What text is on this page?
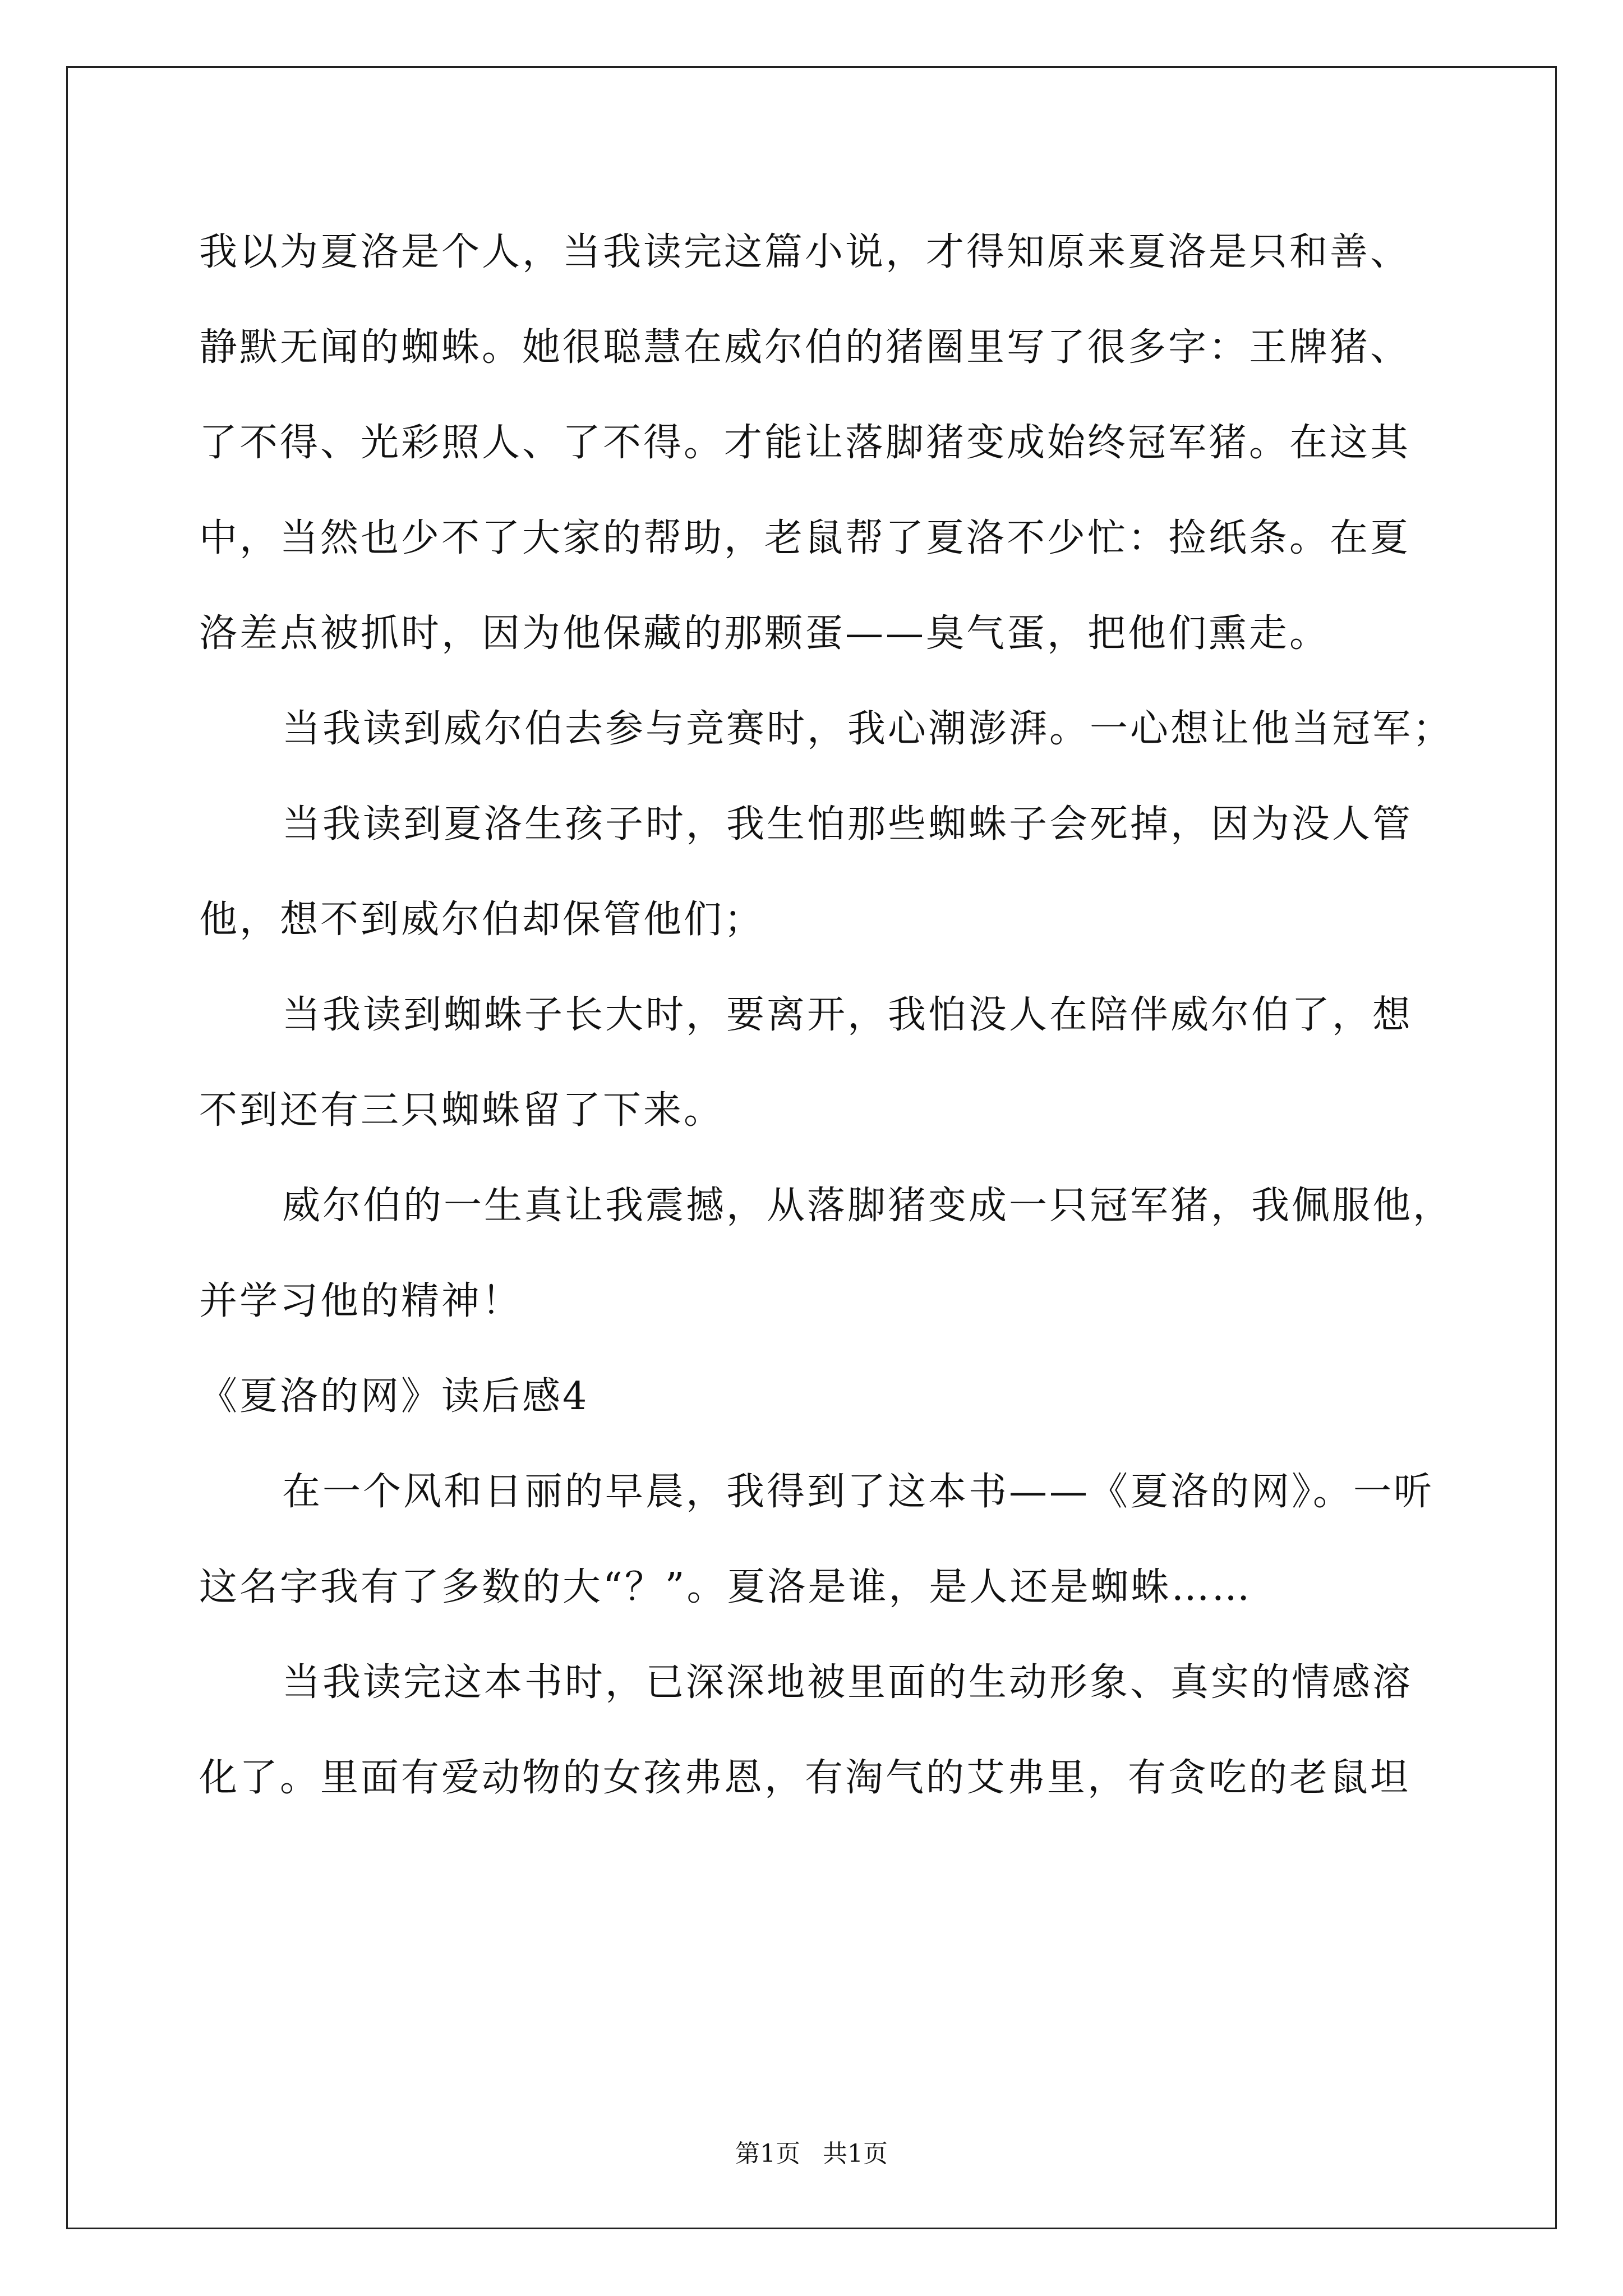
我以为夏洛是个人，当我读完这篇小说，才得知原来夏洛是只和善、
静默无闻的蜘蛛。她很聪慧在威尔伯的猪圈里写了很多字：王牌猪、
了不得、光彩照人、了不得。才能让落脚猪变成始终冠军猪。在这其
中，当然也少不了大家的帮助，老鼠帮了夏洛不少忙：捡纸条。在夏
洛差点被抓时，因为他保藏的那颗蛋——臭气蛋，把他们熏走。
当我读到威尔伯去参与竞赛时，我心潮澎湃。一心想让他当冠军；
当我读到夏洛生孩子时，我生怕那些蜘蛛子会死掉，因为没人管
他，想不到威尔伯却保管他们；
当我读到蜘蛛子长大时，要离开，我怕没人在陪伴威尔伯了，想
不到还有三只蜘蛛留了下来。
威尔伯的一生真让我震撼，从落脚猪变成一只冠军猪，我佩服他，
并学习他的精神！
《夏洛的网》读后感4
在一个风和日丽的早晨，我得到了这本书——《夏洛的网》。一听
这名字我有了多数的大“？”。夏洛是谁，是人还是蜘蛛……
当我读完这本书时，已深深地被里面的生动形象、真实的情感溶
化了。里面有爱动物的女孩弗恩，有淘气的艾弗里，有贪吃的老鼠坦
第1页 共1页
